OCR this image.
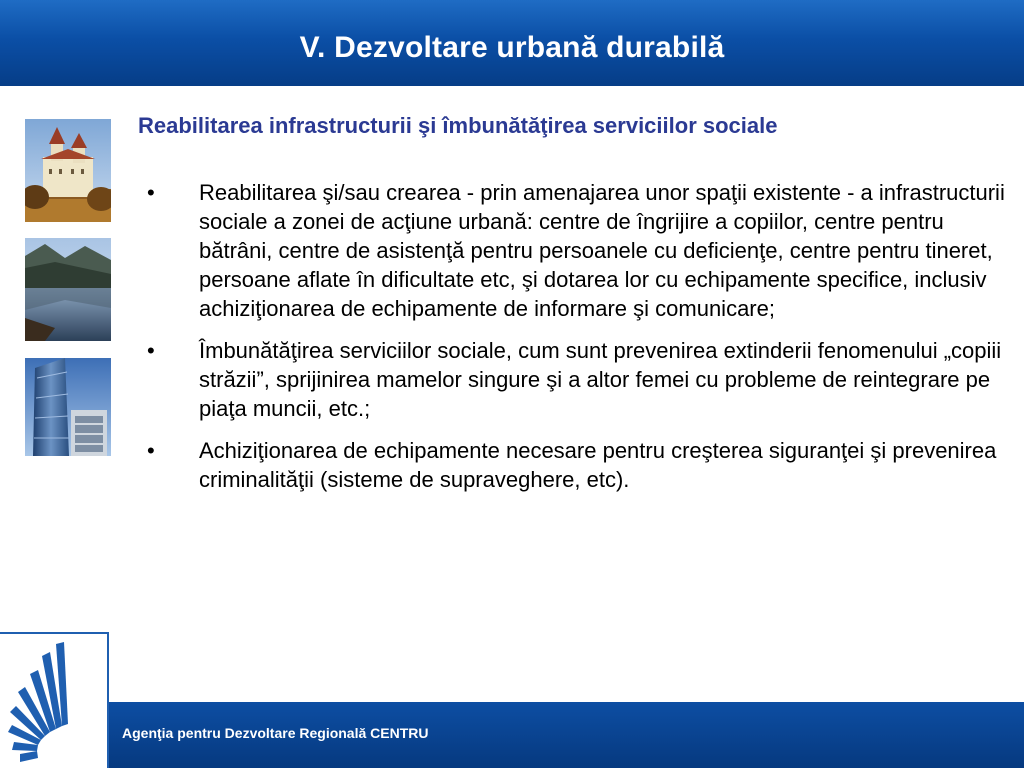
V. Dezvoltare urbană durabilă
Reabilitarea infrastructurii şi îmbunătăţirea serviciilor sociale
• Reabilitarea şi/sau crearea - prin amenajarea unor spaţii existente - a infrastructurii sociale a zonei de acţiune urbană: centre de îngrijire a copiilor, centre pentru bătrâni, centre de asistenţă pentru persoanele cu deficienţe, centre pentru tineret, persoane aflate în dificultate etc, şi dotarea lor cu echipamente specifice, inclusiv achiziţionarea de echipamente de informare şi comunicare;
• Îmbunătăţirea serviciilor sociale, cum sunt prevenirea extinderii fenomenului „copiii străzii”, sprijinirea mamelor singure şi a altor femei cu probleme de reintegrare pe piaţa muncii, etc.;
• Achiziţionarea de echipamente necesare pentru creşterea siguranţei şi prevenirea criminalităţii (sisteme de supraveghere, etc).
Agenţia pentru Dezvoltare Regională CENTRU
